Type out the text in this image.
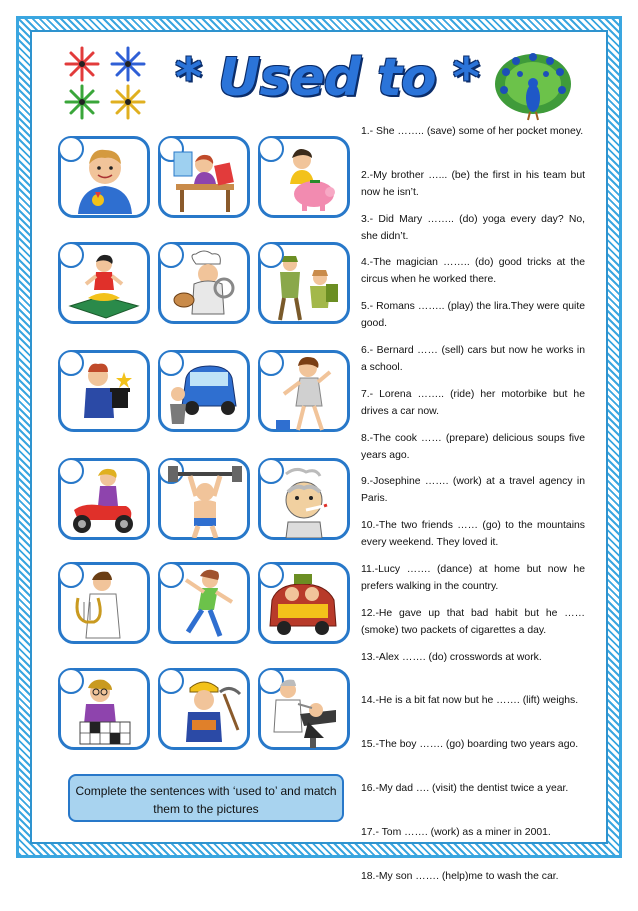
* Used to *
Complete the sentences with ‘used to’ and match them to the pictures

1.- She …….. (save) some of her pocket money.

2.-My brother …... (be) the first in his team but now he isn’t.

3.- Did Mary …….. (do) yoga every day? No, she didn’t.

4.-The magician …….. (do) good tricks at the circus when he worked there.

5.- Romans …….. (play) the lira.They were quite good.

6.- Bernard …… (sell) cars but now he works in a school.

7.- Lorena …….. (ride) her motorbike but he drives a car now.

8.-The cook …… (prepare) delicious soups five years ago.

9.-Josephine ……. (work) at a travel agency in Paris.

10.-The two friends …… (go) to the mountains every weekend. They loved it.

11.-Lucy ……. (dance) at home but now he prefers walking in the country.

12.-He gave up that bad habit but he …… (smoke) two packets of cigarettes a day.

13.-Alex ……. (do) crosswords at work.

14.-He is a bit fat now but he ……. (lift) weighs.

15.-The boy ……. (go) boarding two years ago.

16.-My dad …. (visit) the dentist twice a year.

17.- Tom ……. (work) as a miner in 2001.

18.-My son ……. (help)me to wash the car.
